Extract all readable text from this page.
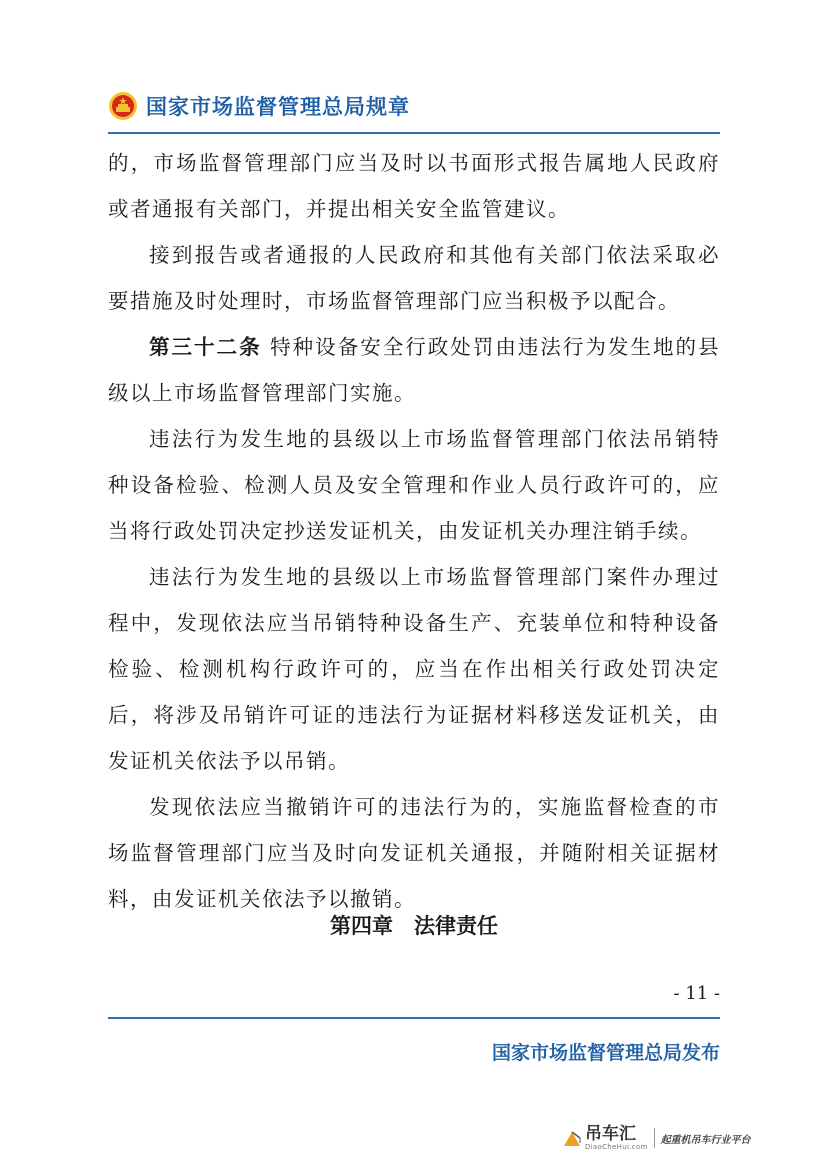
国家市场监督管理总局规章

的，市场监督管理部门应当及时以书面形式报告属地人民政府或者通报有关部门，并提出相关安全监管建议。

接到报告或者通报的人民政府和其他有关部门依法采取必要措施及时处理时，市场监督管理部门应当积极予以配合。

第三十二条 特种设备安全行政处罚由违法行为发生地的县级以上市场监督管理部门实施。

违法行为发生地的县级以上市场监督管理部门依法吊销特种设备检验、检测人员及安全管理和作业人员行政许可的，应当将行政处罚决定抄送发证机关，由发证机关办理注销手续。

违法行为发生地的县级以上市场监督管理部门案件办理过程中，发现依法应当吊销特种设备生产、充装单位和特种设备检验、检测机构行政许可的，应当在作出相关行政处罚决定后，将涉及吊销许可证的违法行为证据材料移送发证机关，由发证机关依法予以吊销。

发现依法应当撤销许可的违法行为的，实施监督检查的市场监督管理部门应当及时向发证机关通报，并随附相关证据材料，由发证机关依法予以撤销。

第四章　法律责任
- 11 -
国家市场监督管理总局发布
吊车汇
DiaoCheHui.com
起重机吊车行业平台
